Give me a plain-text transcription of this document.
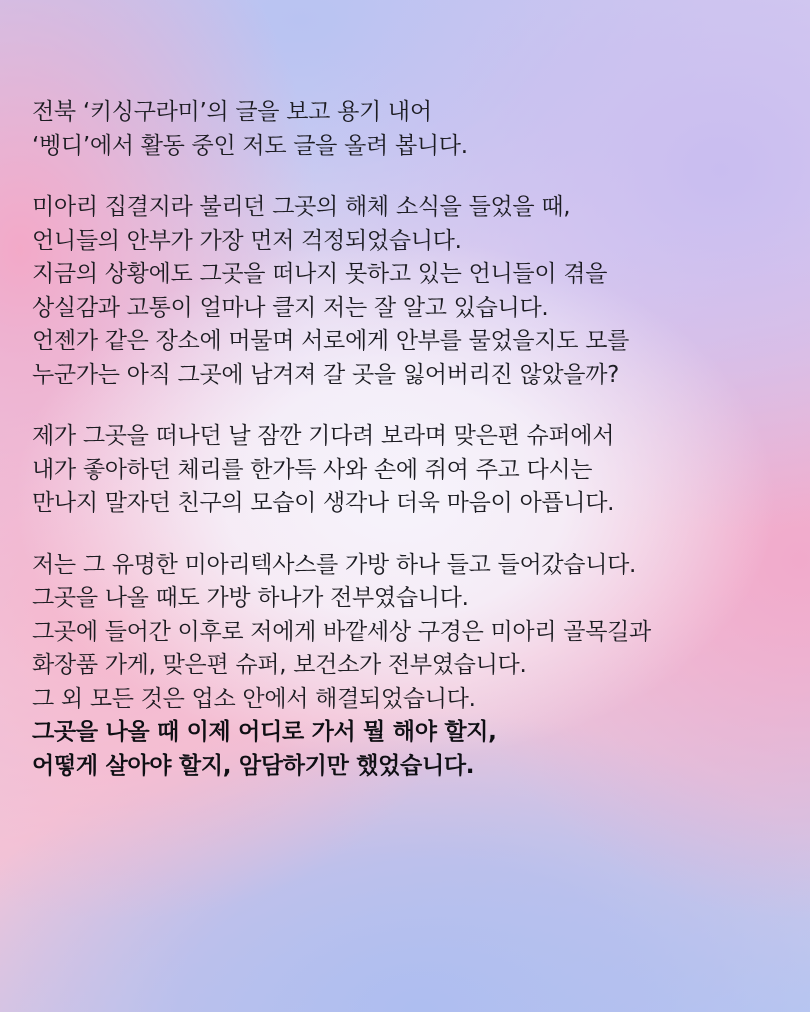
전북 ‘키싱구라미’의 글을 보고 용기 내어
‘벵디’에서 활동 중인 저도 글을 올려 봅니다.
미아리 집결지라 불리던 그곳의 해체 소식을 들었을 때,
언니들의 안부가 가장 먼저 걱정되었습니다.
지금의 상황에도 그곳을 떠나지 못하고 있는 언니들이 겪을
상실감과 고통이 얼마나 클지 저는 잘 알고 있습니다.
언젠가 같은 장소에 머물며 서로에게 안부를 물었을지도 모를
누군가는 아직 그곳에 남겨져 갈 곳을 잃어버리진 않았을까?
제가 그곳을 떠나던 날 잠깐 기다려 보라며 맞은편 슈퍼에서
내가 좋아하던 체리를 한가득 사와 손에 쥐여 주고 다시는
만나지 말자던 친구의 모습이 생각나 더욱 마음이 아픕니다.
저는 그 유명한 미아리텍사스를 가방 하나 들고 들어갔습니다.
그곳을 나올 때도 가방 하나가 전부였습니다.
그곳에 들어간 이후로 저에게 바깥세상 구경은 미아리 골목길과
화장품 가게, 맞은편 슈퍼, 보건소가 전부였습니다.
그 외 모든 것은 업소 안에서 해결되었습니다.
그곳을 나올 때 이제 어디로 가서 뭘 해야 할지,
어떻게 살아야 할지, 암담하기만 했었습니다.
